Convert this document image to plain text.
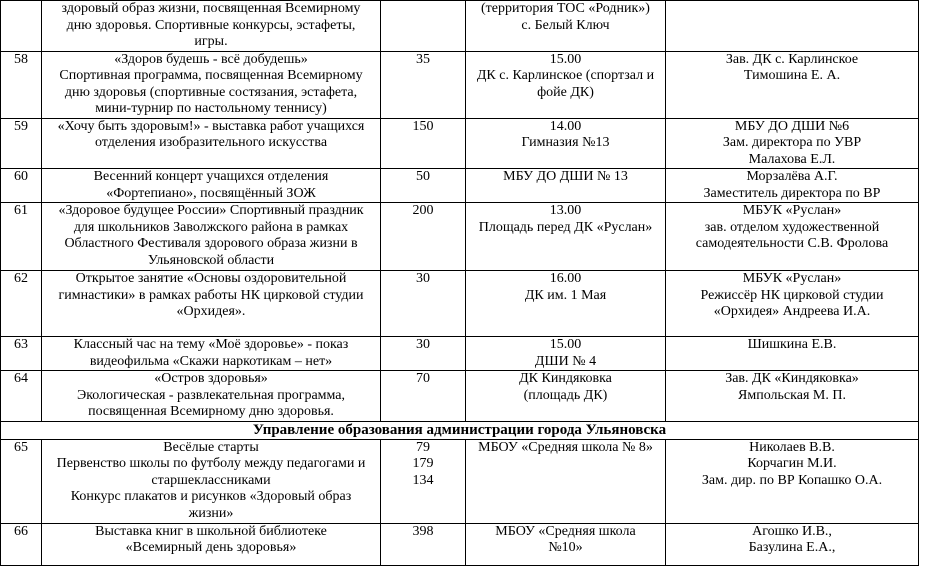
	здоровый образ жизни, посвященная Всемирному
дню здоровья. Спортивные конкурсы, эстафеты,
игры.		(территория ТОС «Родник»)
с. Белый Ключ	

58	«Здоров будешь - всё добудешь»
Спортивная программа, посвященная Всемирному
дню здоровья (спортивные состязания, эстафета,
мини-турнир по настольному теннису)	35	15.00
ДК с. Карлинское (спортзал и
фойе ДК)	Зав. ДК с. Карлинское
Тимошина Е. А.

59	«Хочу быть здоровым!» - выставка работ учащихся
отделения изобразительного искусства	150	14.00
Гимназия №13	МБУ ДО ДШИ №6
Зам. директора по УВР
Малахова Е.Л.

60	Весенний концерт учащихся отделения
«Фортепиано», посвящённый ЗОЖ	50	МБУ ДО ДШИ № 13	Морзалёва А.Г.
Заместитель директора по ВР

61	«Здоровое будущее России» Спортивный праздник
для школьников Заволжского района в рамках
Областного Фестиваля здорового образа жизни в
Ульяновской области	200	13.00
Площадь перед ДК «Руслан»	МБУК «Руслан»
зав. отделом художественной
самодеятельности С.В. Фролова

62	Открытое занятие «Основы оздоровительной
гимнастики» в рамках работы НК цирковой студии
«Орхидея».	30	16.00
ДК им. 1 Мая	МБУК «Руслан»
Режиссёр НК цирковой студии
«Орхидея» Андреева И.А.

63	Классный час на тему «Моё здоровье» - показ
видеофильма «Скажи наркотикам – нет»	30	15.00
ДШИ № 4	Шишкина Е.В.

64	«Остров здоровья»
Экологическая - развлекательная программа,
посвященная Всемирному дню здоровья.	70	ДК Киндяковка
(площадь ДК)	Зав. ДК «Киндяковка»
Ямпольская М. П.

Управление образования администрации города Ульяновска				
65	Весёлые старты
Первенство школы по футболу между педагогами и
старшеклассниками
Конкурс плакатов и рисунков «Здоровый образ
жизни»	79
179
134	МБОУ «Средняя школа № 8»	Николаев В.В.
Корчагин М.И.
Зам. дир. по ВР Копашко О.А.

66	Выставка книг в школьной библиотеке
«Всемирный день здоровья»	398	МБОУ «Средняя школа
№10»	Агошко И.В.,
Базулина Е.А.,
